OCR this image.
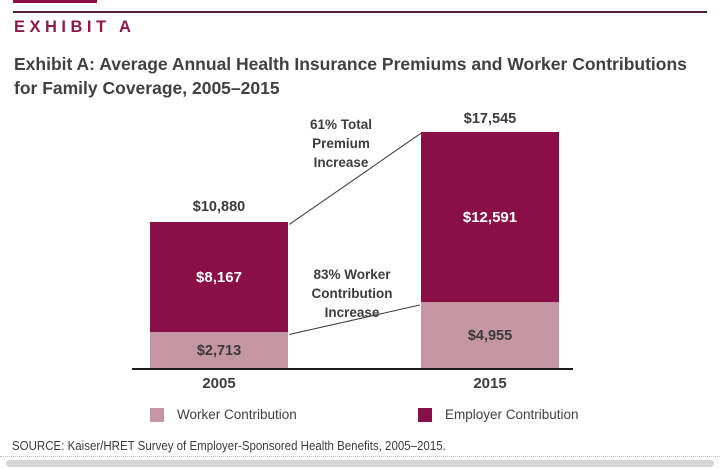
EXHIBIT A
Exhibit A: Average Annual Health Insurance Premiums and Worker Contributions
for Family Coverage, 2005–2015
$10,880
$17,545
61% Total
Premium
Increase
83% Worker
Contribution
Increase
$8,167
$2,713
$12,591
$4,955
2005	2015
Worker Contribution	Employer Contribution
SOURCE: Kaiser/HRET Survey of Employer-Sponsored Health Benefits, 2005–2015.
